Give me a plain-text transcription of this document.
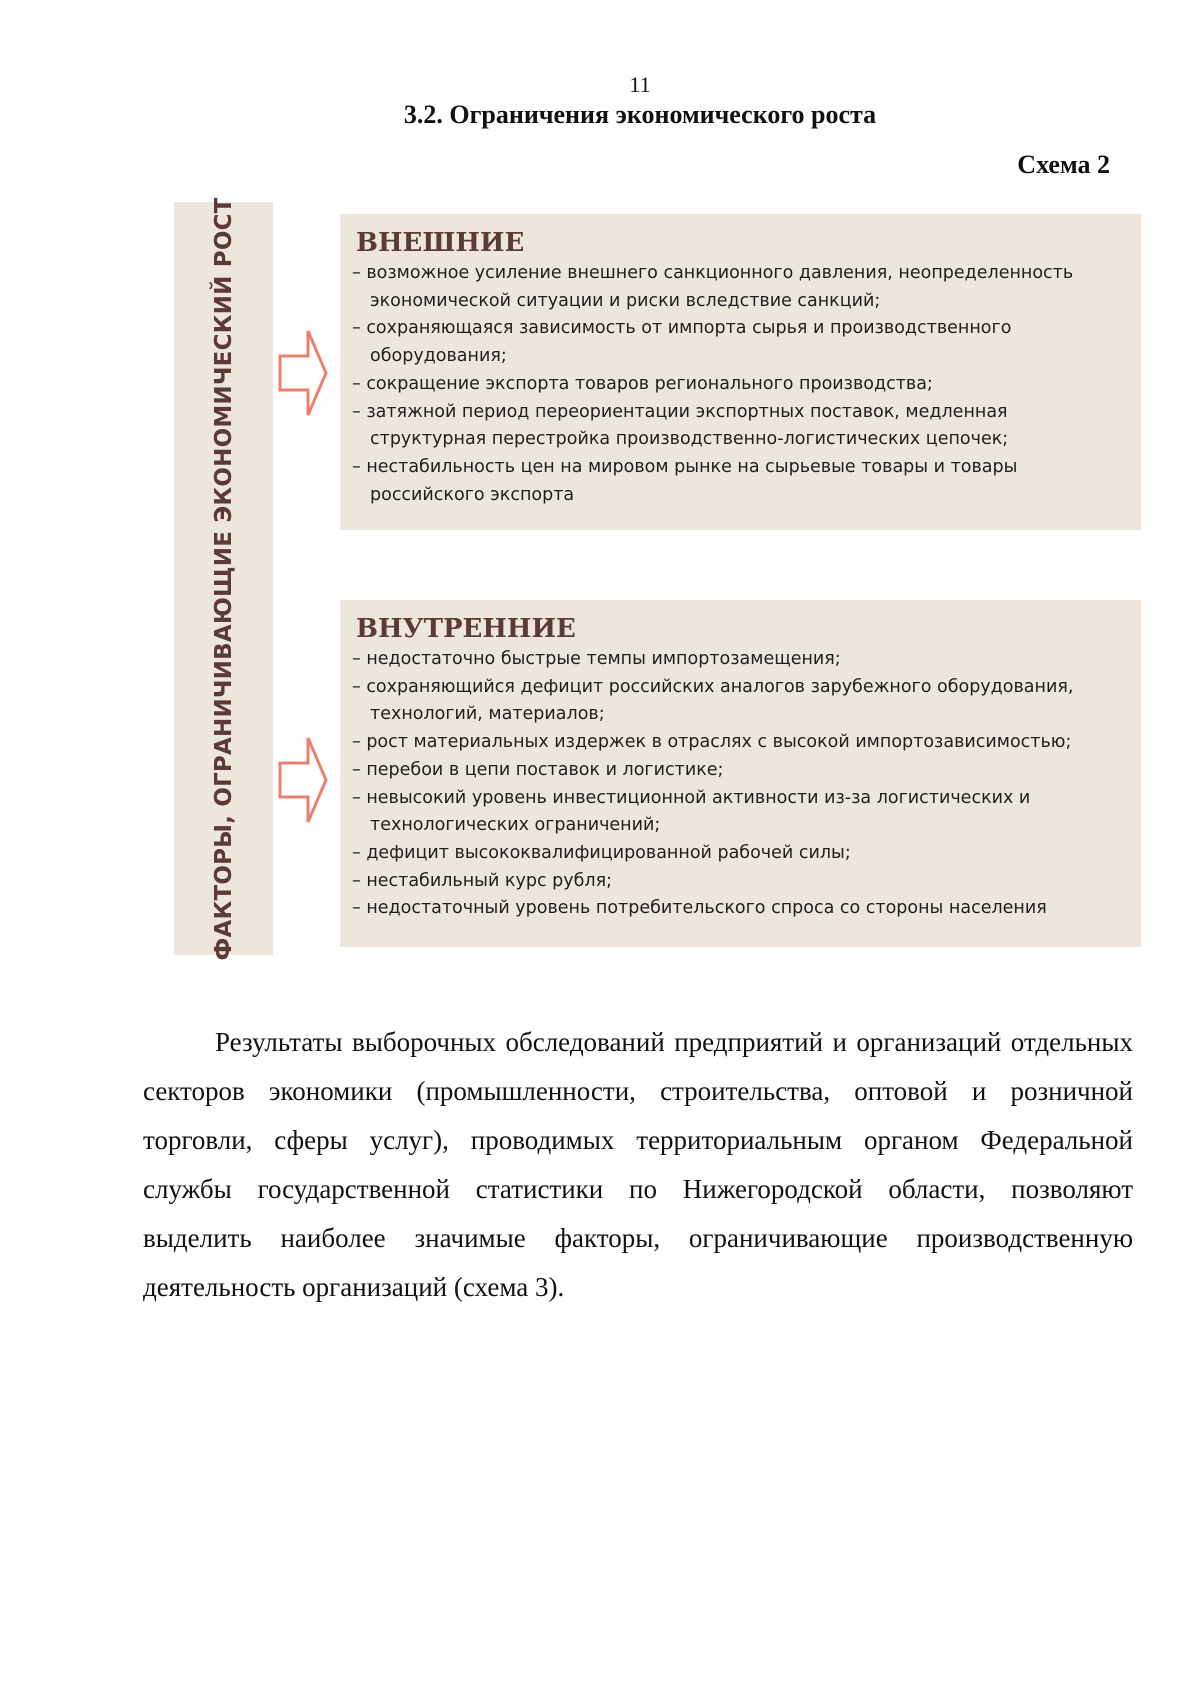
11
3.2. Ограничения экономического роста
Схема 2
ФАКТОРЫ, ОГРАНИЧИВАЮЩИЕ ЭКОНОМИЧЕСКИЙ РОСТ	ВНЕШНИЕ
– возможное усиление внешнего санкционного давления, неопределенность экономической ситуации и риски вследствие санкций;
– сохраняющаяся зависимость от импорта сырья и производственного оборудования;
– сокращение экспорта товаров регионального производства;
– затяжной период переориентации экспортных поставок, медленная структурная перестройка производственно-логистических цепочек;
– нестабильность цен на мировом рынке на сырьевые товары и товары российского экспорта
ВНУТРЕННИЕ
– недостаточно быстрые темпы импортозамещения;
– сохраняющийся дефицит российских аналогов зарубежного оборудования, технологий, материалов;
– рост материальных издержек в отраслях с высокой импортозависимостью;
– перебои в цепи поставок и логистике;
– невысокий уровень инвестиционной активности из-за логистических и технологических ограничений;
– дефицит высококвалифицированной рабочей силы;
– нестабильный курс рубля;
– недостаточный уровень потребительского спроса со стороны населения

Результаты выборочных обследований предприятий и организаций отдельных секторов экономики (промышленности, строительства, оптовой и розничной торговли, сферы услуг), проводимых территориальным органом Федеральной службы государственной статистики по Нижегородской области, позволяют выделить наиболее значимые факторы, ограничивающие производственную деятельность организаций (схема 3).
